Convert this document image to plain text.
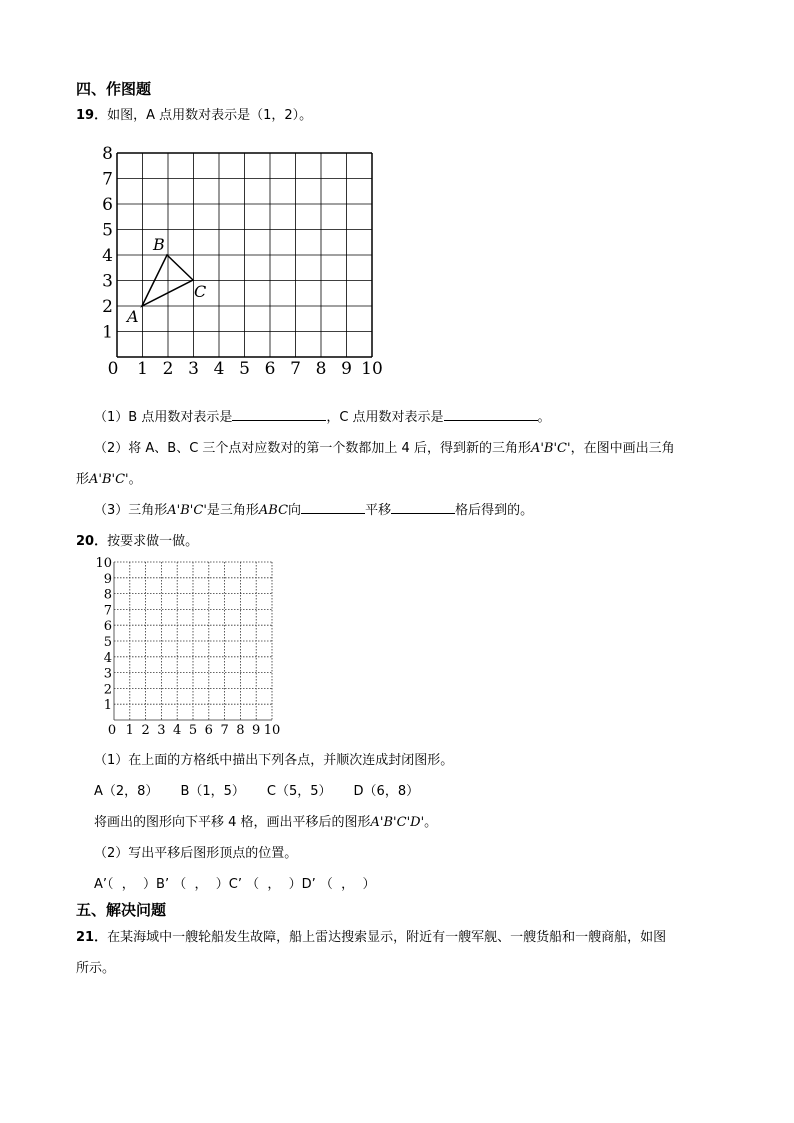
四、作图题
19．如图，A 点用数对表示是（1，2）。
0 1 2 3 4 5 6 7 8 9 10
1
2
3
4
5
6
7
8
A
B
C
（1）B 点用数对表示是	，C 点用数对表示是	。
（2）将 A、B、C 三个点对应数对的第一个数都加上 4 后，得到新的三角形A'B'C'，在图中画出三角
形A'B'C'。
（3）三角形A'B'C'是三角形ABC向	平移	格后得到的。
20．按要求做一做。
0 1 2 3 4 5 6 7 8 9 10
1
2
3
4
5
6
7
8
9
10
（1）在上面的方格纸中描出下列各点，并顺次连成封闭图形。
A（2，8） B（1，5） C（5，5） D（6，8）
将画出的图形向下平移 4 格，画出平移后的图形A'B'C'D'。
（2）写出平移后图形顶点的位置。
A’（  ，  ）B’ （  ，  ）C’ （  ，  ）D’ （  ，  ）
五、解决问题
21．在某海域中一艘轮船发生故障，船上雷达搜索显示，附近有一艘军舰、一艘货船和一艘商船，如图
所示。
